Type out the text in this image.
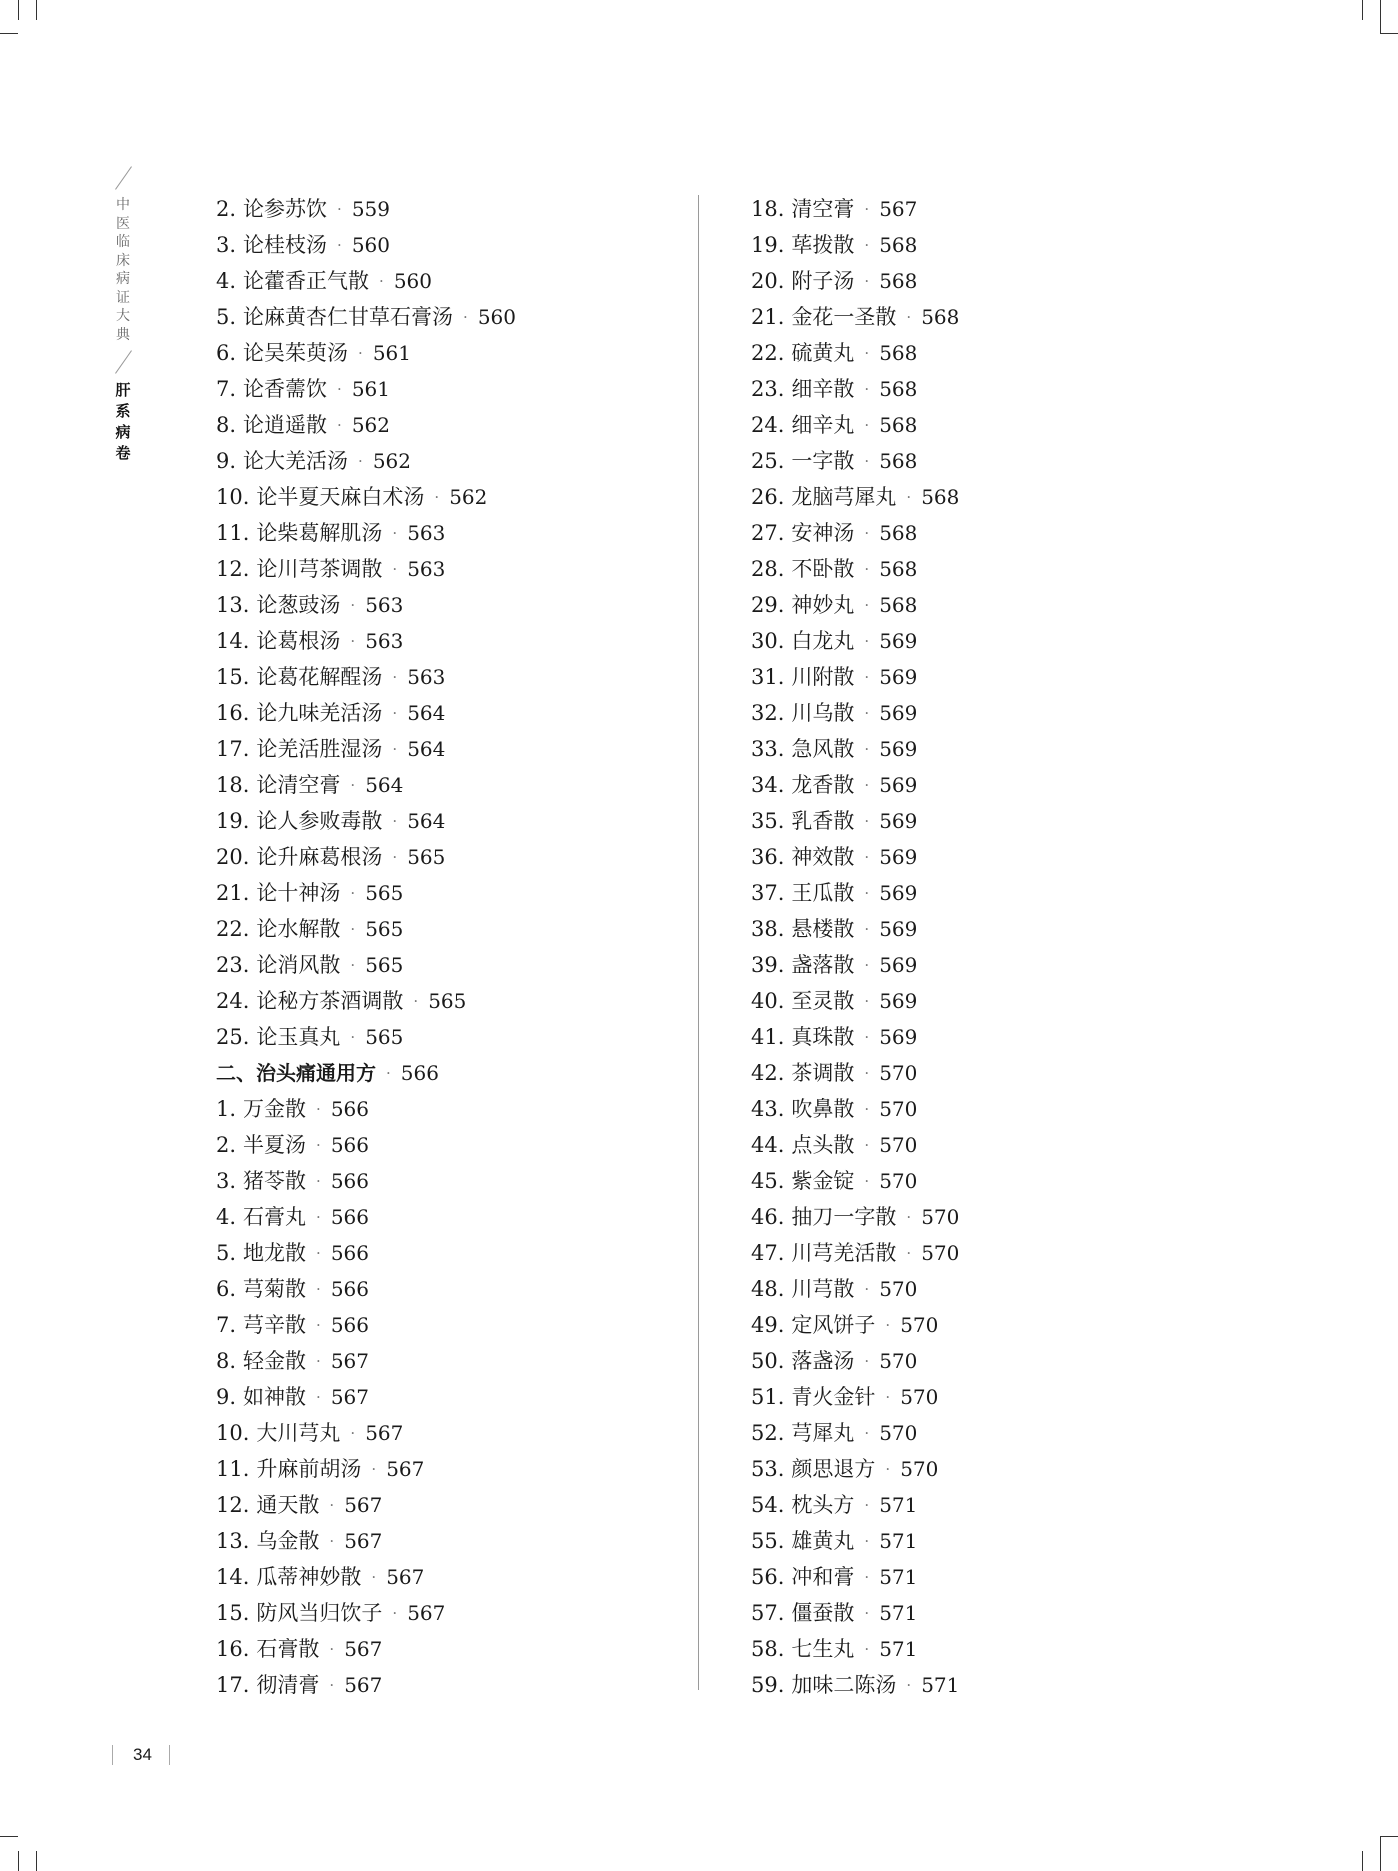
中医临床病证大典
肝系病卷
2. 论参苏饮 · 559
3. 论桂枝汤 · 560
4. 论藿香正气散 · 560
5. 论麻黄杏仁甘草石膏汤 · 560
6. 论吴茱萸汤 · 561
7. 论香薷饮 · 561
8. 论逍遥散 · 562
9. 论大羌活汤 · 562
10. 论半夏天麻白术汤 · 562
11. 论柴葛解肌汤 · 563
12. 论川芎茶调散 · 563
13. 论葱豉汤 · 563
14. 论葛根汤 · 563
15. 论葛花解酲汤 · 563
16. 论九味羌活汤 · 564
17. 论羌活胜湿汤 · 564
18. 论清空膏 · 564
19. 论人参败毒散 · 564
20. 论升麻葛根汤 · 565
21. 论十神汤 · 565
22. 论水解散 · 565
23. 论消风散 · 565
24. 论秘方茶酒调散 · 565
25. 论玉真丸 · 565
二、治头痛通用方 · 566
1. 万金散 · 566
2. 半夏汤 · 566
3. 猪苓散 · 566
4. 石膏丸 · 566
5. 地龙散 · 566
6. 芎菊散 · 566
7. 芎辛散 · 566
8. 轻金散 · 567
9. 如神散 · 567
10. 大川芎丸 · 567
11. 升麻前胡汤 · 567
12. 通天散 · 567
13. 乌金散 · 567
14. 瓜蒂神妙散 · 567
15. 防风当归饮子 · 567
16. 石膏散 · 567
17. 彻清膏 · 567
18. 清空膏 · 567
19. 荜拨散 · 568
20. 附子汤 · 568
21. 金花一圣散 · 568
22. 硫黄丸 · 568
23. 细辛散 · 568
24. 细辛丸 · 568
25. 一字散 · 568
26. 龙脑芎犀丸 · 568
27. 安神汤 · 568
28. 不卧散 · 568
29. 神妙丸 · 568
30. 白龙丸 · 569
31. 川附散 · 569
32. 川乌散 · 569
33. 急风散 · 569
34. 龙香散 · 569
35. 乳香散 · 569
36. 神效散 · 569
37. 王瓜散 · 569
38. 悬楼散 · 569
39. 盏落散 · 569
40. 至灵散 · 569
41. 真珠散 · 569
42. 茶调散 · 570
43. 吹鼻散 · 570
44. 点头散 · 570
45. 紫金锭 · 570
46. 抽刀一字散 · 570
47. 川芎羌活散 · 570
48. 川芎散 · 570
49. 定风饼子 · 570
50. 落盏汤 · 570
51. 青火金针 · 570
52. 芎犀丸 · 570
53. 颜思退方 · 570
54. 枕头方 · 571
55. 雄黄丸 · 571
56. 冲和膏 · 571
57. 僵蚕散 · 571
58. 七生丸 · 571
59. 加味二陈汤 · 571
34
